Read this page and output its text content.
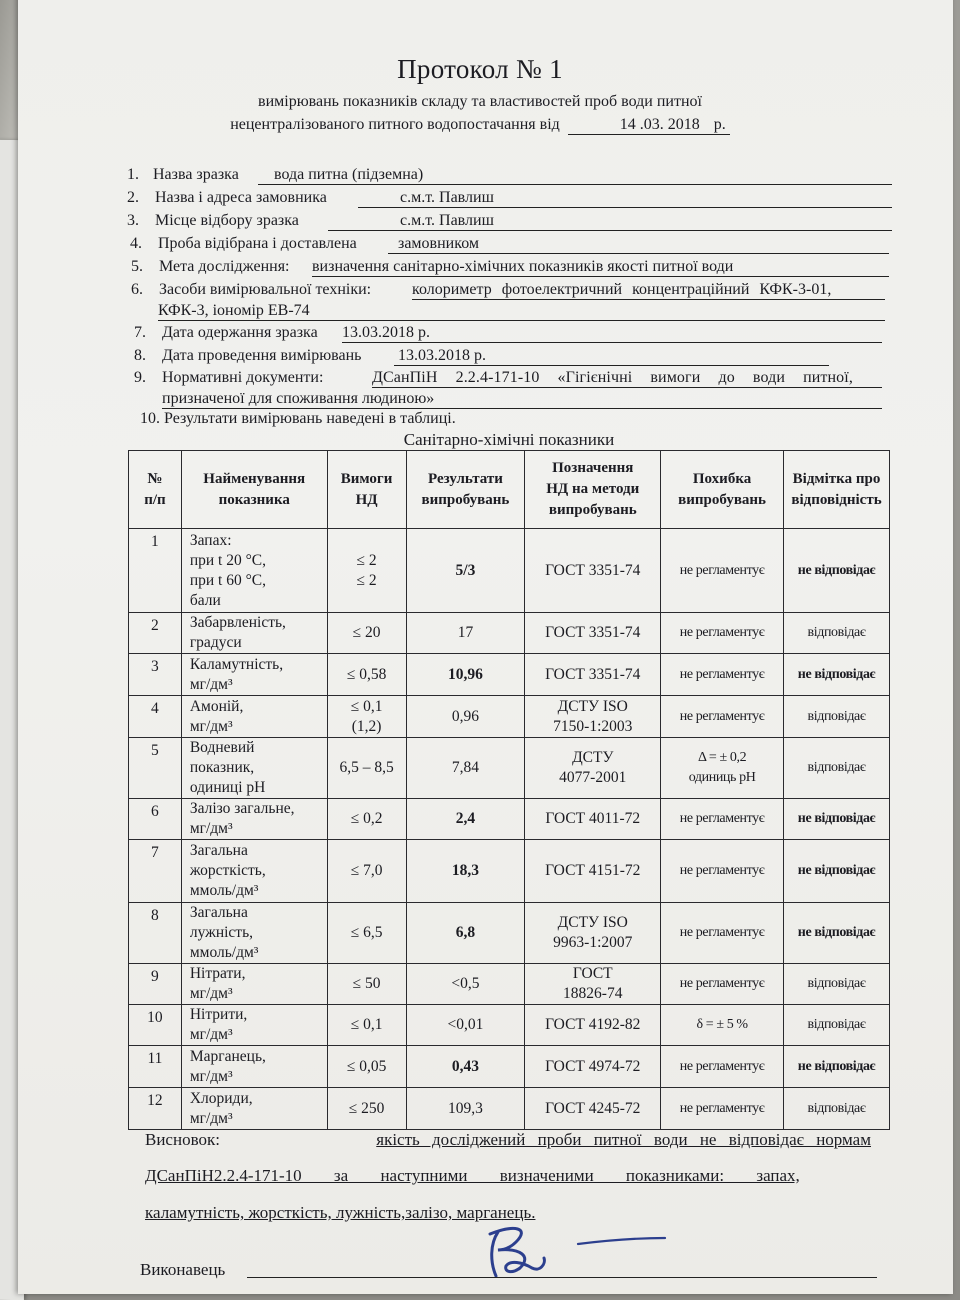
Протокол № 1
вимірювань показників складу та властивостей проб води питної
нецентралізованого питного водопостачання від	14 .03. 2018 р.
1. Назва зразка	вода питна (підземна)
2. Назва і адреса замовника	с.м.т. Павлиш
3. Місце відбору зразка	с.м.т. Павлиш
4. Проба відібрана і доставлена	замовником
5. Мета дослідження: визначення санітарно-хімічних показників якості питної води
6. Засоби вимірювальної техніки:	колориметр фотоелектричний концентраційний КФК-3-01,
КФК-3, іономір ЕВ-74
7. Дата одержання зразка 13.03.2018 р.
8. Дата проведення вимірювань 13.03.2018 р.
9. Нормативні документи:	ДСанПіН 2.2.4-171-10 «Гігієнічні вимоги до води питної,
призначеної для споживання людиною»
10. Результати вимірювань наведені в таблиці.
Санітарно-хімічні показники
№
п/п	Найменування
показника	Вимоги
НД	Результати
випробувань	Позначення
НД на методи
випробувань	Похибка
випробувань	Відмітка про
відповідність
1	Запах:
при t 20 °С,
при t 60 °С,
бали	≤ 2
≤ 2	5/3	ГОСТ 3351-74	не регламентує	не відповідає
2	Забарвленість,
градуси	≤ 20	17	ГОСТ 3351-74	не регламентує	відповідає
3	Каламутність,
мг/дм³	≤ 0,58	10,96	ГОСТ 3351-74	не регламентує	не відповідає
4	Амоній,
мг/дм³	≤ 0,1
(1,2)	0,96	ДСТУ ISO
7150-1:2003	не регламентує	відповідає
5	Водневий
показник,
одиниці pH	6,5 – 8,5	7,84	ДСТУ
4077-2001	Δ = ± 0,2
одиниць pH	відповідає
6	Залізо загальне,
мг/дм³	≤ 0,2	2,4	ГОСТ 4011-72	не регламентує	не відповідає
7	Загальна
жорсткість,
ммоль/дм³	≤ 7,0	18,3	ГОСТ 4151-72	не регламентує	не відповідає
8	Загальна
лужність,
ммоль/дм³	≤ 6,5	6,8	ДСТУ ISO
9963-1:2007	не регламентує	не відповідає
9	Нітрати,
мг/дм³	≤ 50	<0,5	ГОСТ
18826-74	не регламентує	відповідає
10	Нітрити,
мг/дм³	≤ 0,1	<0,01	ГОСТ 4192-82	δ = ± 5 %	відповідає
11	Марганець,
мг/дм³	≤ 0,05	0,43	ГОСТ 4974-72	не регламентує	не відповідає
12	Хлориди,
мг/дм³	≤ 250	109,3	ГОСТ 4245-72	не регламентує	відповідає
Висновок:	якість досліджений проби питної води не відповідає нормам
ДСанПіН2.2.4-171-10 за наступними визначеними показниками: запах,
каламутність, жорсткість, лужність,залізо, марганець.
Виконавець
